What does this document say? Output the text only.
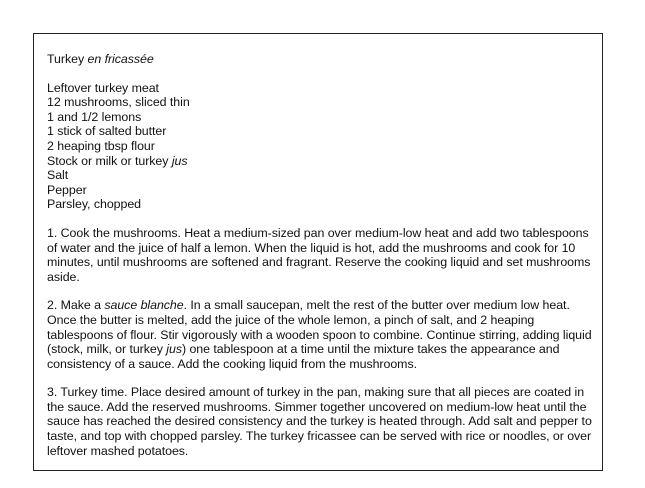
Turkey en fricassée

Leftover turkey meat
12 mushrooms, sliced thin
1 and 1/2 lemons
1 stick of salted butter
2 heaping tbsp flour
Stock or milk or turkey jus
Salt
Pepper
Parsley, chopped

1. Cook the mushrooms. Heat a medium-sized pan over medium-low heat and add two tablespoons of water and the juice of half a lemon. When the liquid is hot, add the mushrooms and cook for 10 minutes, until mushrooms are softened and fragrant. Reserve the cooking liquid and set mushrooms aside.

2. Make a sauce blanche. In a small saucepan, melt the rest of the butter over medium low heat. Once the butter is melted, add the juice of the whole lemon, a pinch of salt, and 2 heaping tablespoons of flour. Stir vigorously with a wooden spoon to combine. Continue stirring, adding liquid (stock, milk, or turkey jus) one tablespoon at a time until the mixture takes the appearance and consistency of a sauce. Add the cooking liquid from the mushrooms.

3. Turkey time. Place desired amount of turkey in the pan, making sure that all pieces are coated in the sauce. Add the reserved mushrooms. Simmer together uncovered on medium-low heat until the sauce has reached the desired consistency and the turkey is heated through. Add salt and pepper to taste, and top with chopped parsley. The turkey fricassee can be served with rice or noodles, or over leftover mashed potatoes.
